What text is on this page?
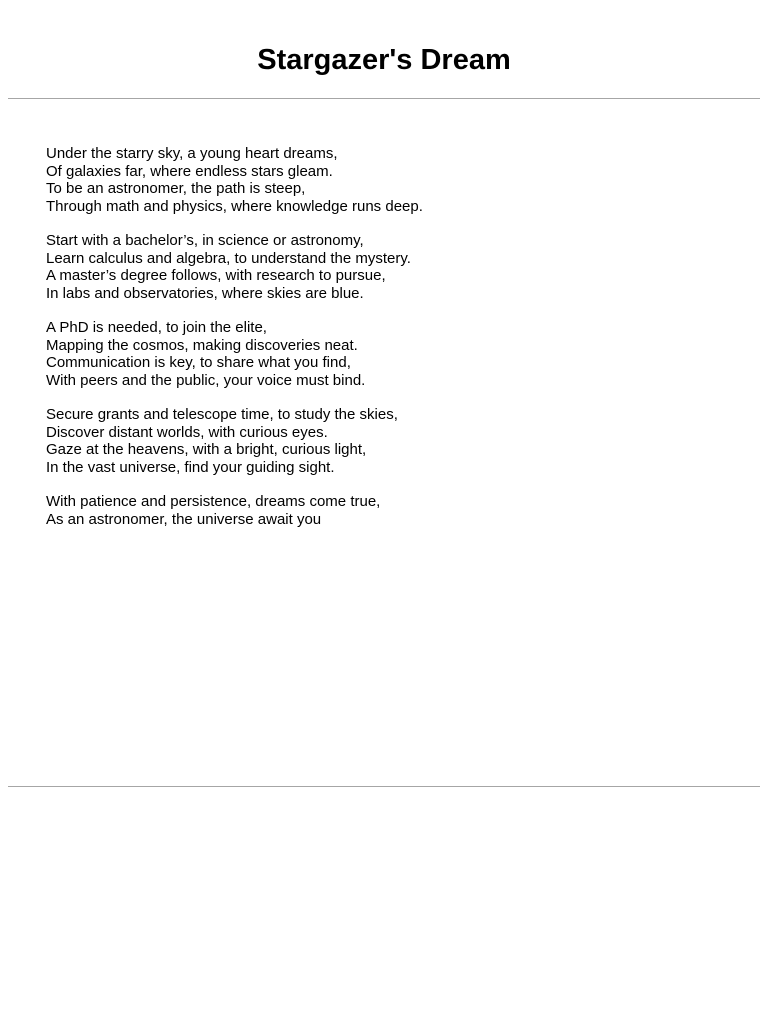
Stargazer's Dream
Under the starry sky, a young heart dreams,
Of galaxies far, where endless stars gleam.
To be an astronomer, the path is steep,
Through math and physics, where knowledge runs deep.
Start with a bachelor’s, in science or astronomy,
Learn calculus and algebra, to understand the mystery.
A master’s degree follows, with research to pursue,
In labs and observatories, where skies are blue.
A PhD is needed, to join the elite,
Mapping the cosmos, making discoveries neat.
Communication is key, to share what you find,
With peers and the public, your voice must bind.
Secure grants and telescope time, to study the skies,
Discover distant worlds, with curious eyes.
Gaze at the heavens, with a bright, curious light,
In the vast universe, find your guiding sight.
With patience and persistence, dreams come true,
As an astronomer, the universe await you
